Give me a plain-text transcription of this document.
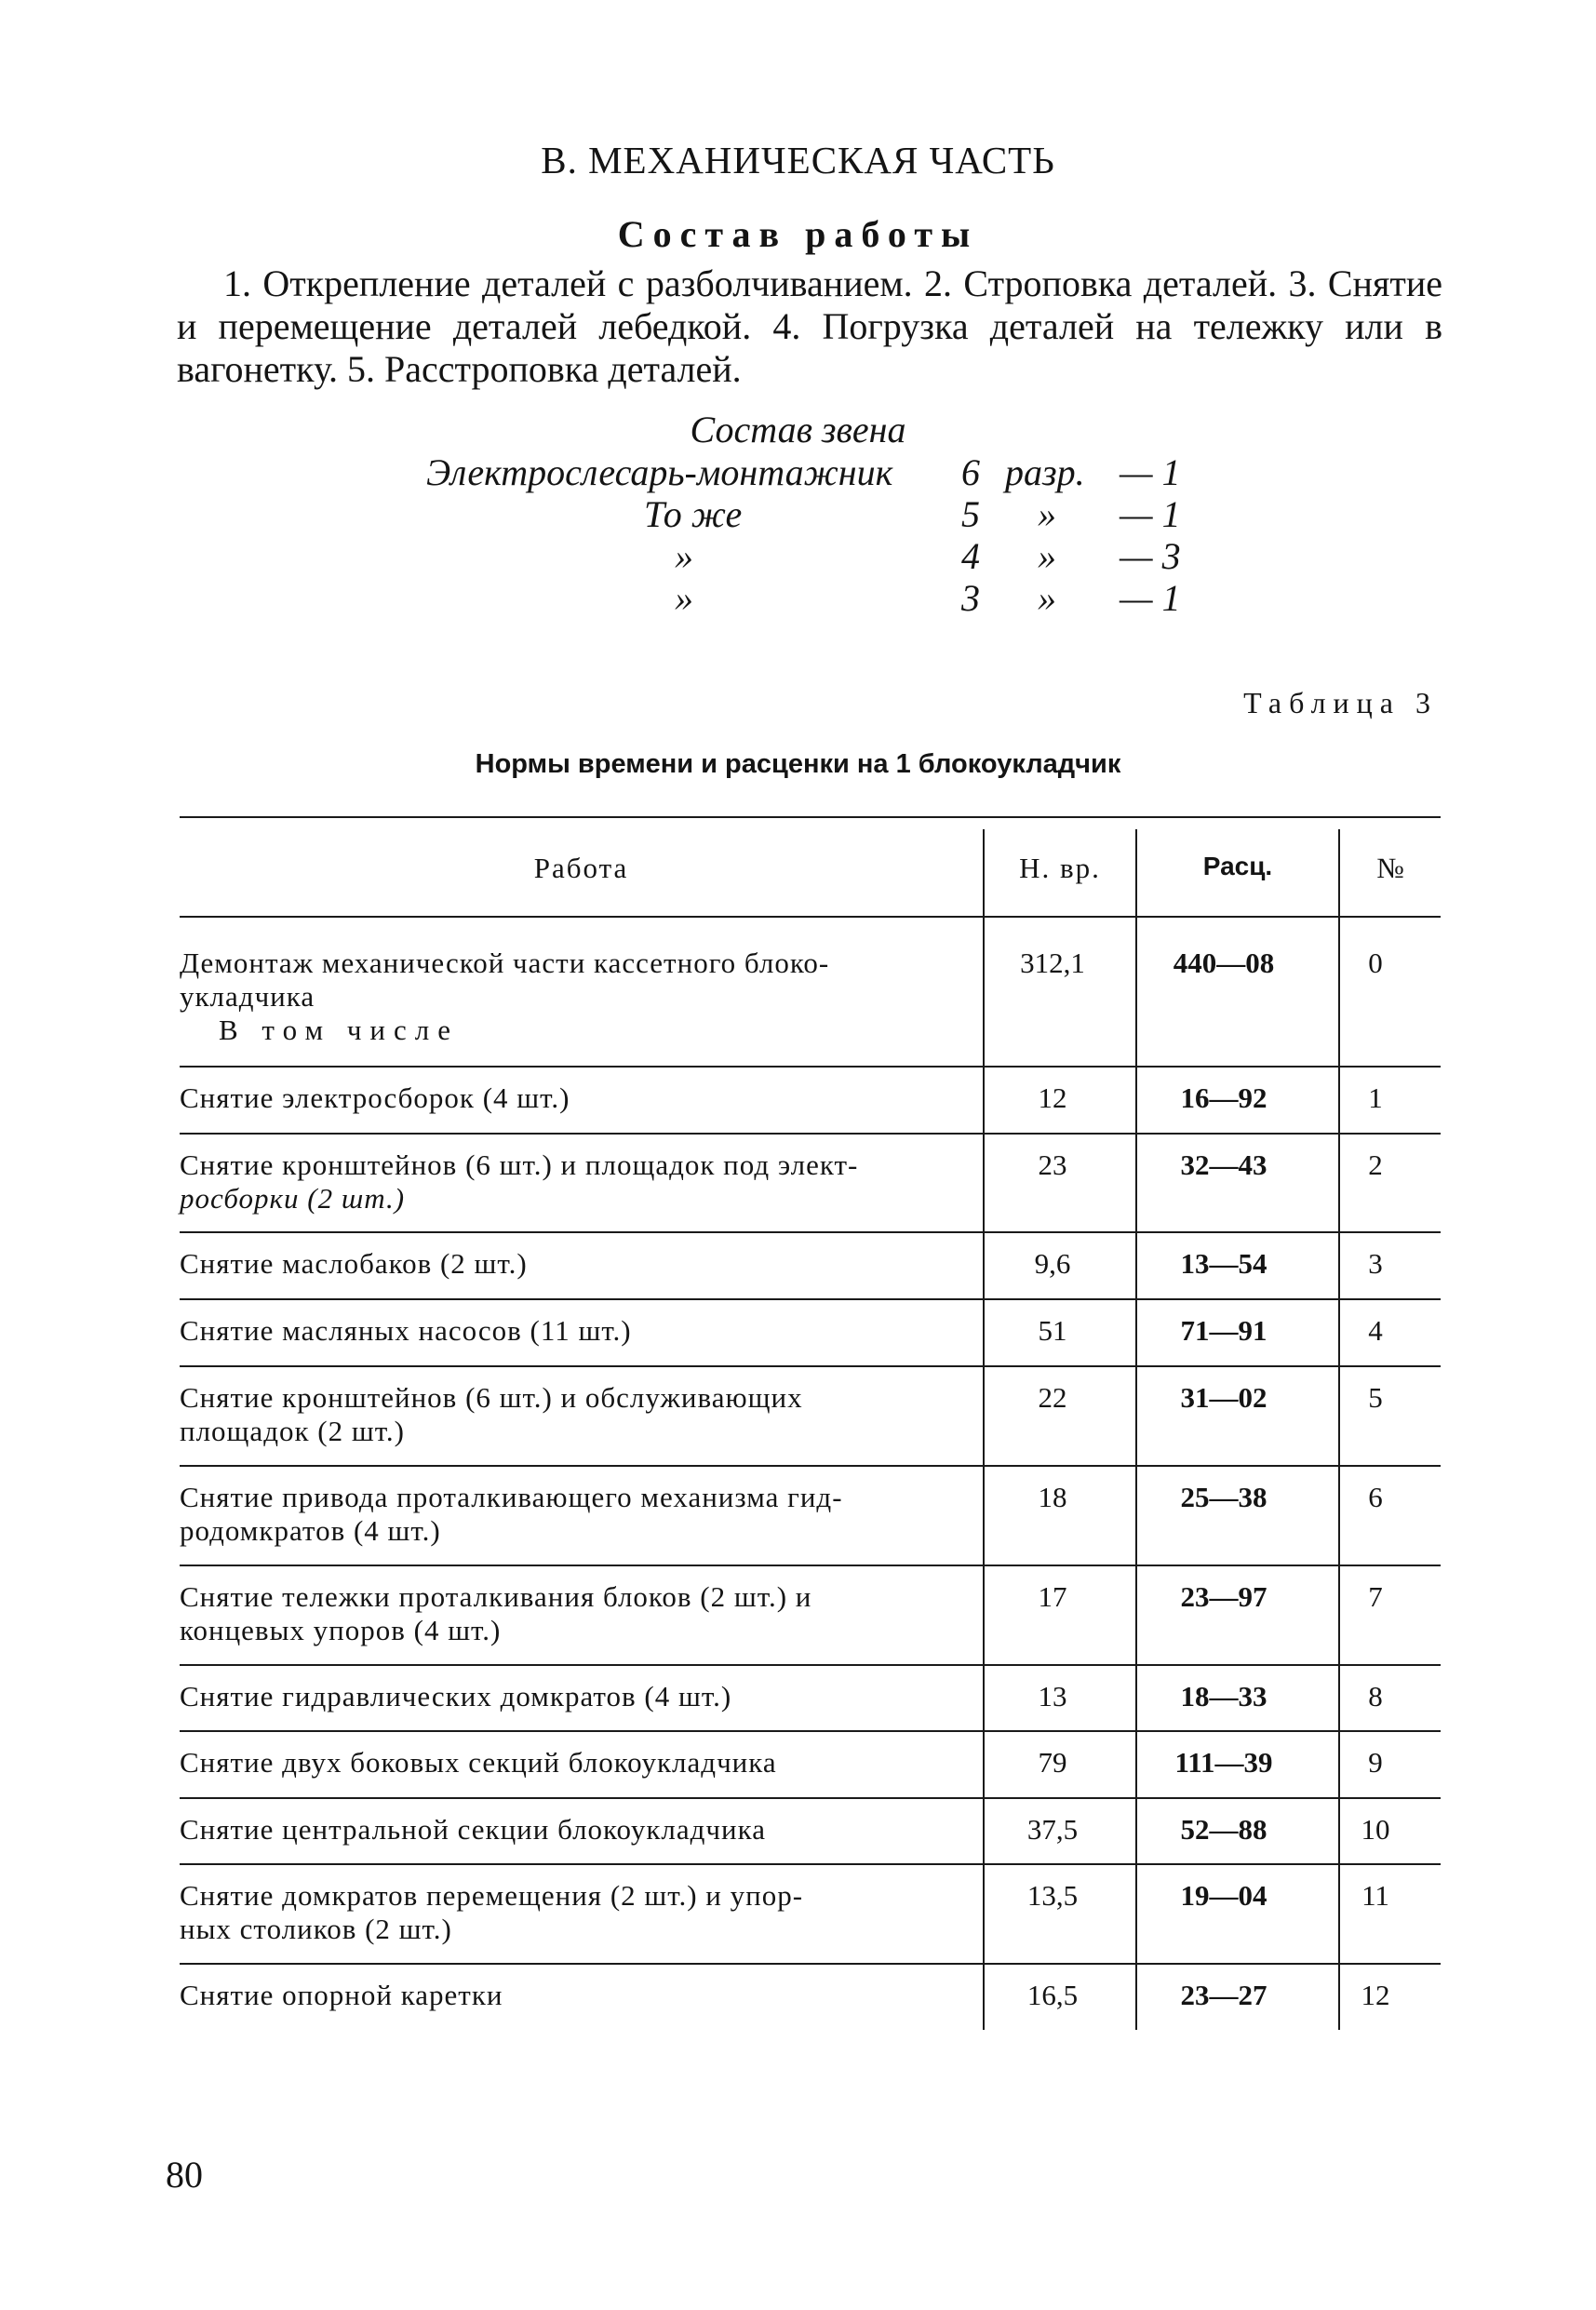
В. МЕХАНИЧЕСКАЯ ЧАСТЬ
Состав работы

1. Открепление деталей с разболчиванием. 2. Строповка деталей. 3. Снятие и перемещение деталей лебедкой. 4. Погрузка деталей на тележку или в вагонетку. 5. Расстроповка деталей.

Состав звена
Электрослесарь-монтажник 6 разр. — 1
То же	5 » — 1
»	4 » — 3
»	3 » — 1
Таблица 3
Нормы времени и расценки на 1 блокоукладчик
Работа	Н. вр.	Расц.	№
Демонтаж механической части кассетного блоко-
укладчика
В том числе
312,1	440—08	0
Снятие электросборок (4 шт.)	12	16—92	1
Снятие кронштейнов (6 шт.) и площадок под элект-
росборки (2 шт.)
23	32—43	2
Снятие маслобаков (2 шт.)	9,6	13—54	3
Снятие масляных насосов (11 шт.)	51	71—91	4
Снятие кронштейнов (6 шт.) и обслуживающих
площадок (2 шт.)
22	31—02	5
Снятие привода проталкивающего механизма гид-
родомкратов (4 шт.)
18	25—38	6
Снятие тележки проталкивания блоков (2 шт.) и
концевых упоров (4 шт.)
17	23—97	7
Снятие гидравлических домкратов (4 шт.)	13	18—33	8
Снятие двух боковых секций блокоукладчика	79	111—39	9
Снятие центральной секции блокоукладчика	37,5	52—88	10
Снятие домкратов перемещения (2 шт.) и упор-
ных столиков (2 шт.)
13,5	19—04	11
Снятие опорной каретки	16,5	23—27	12
80
